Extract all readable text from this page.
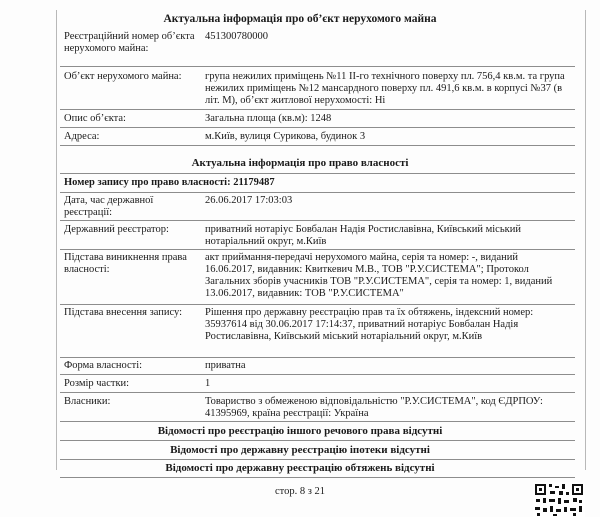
Актуальна інформація про об’єкт нерухомого майна
Реєстраційний номер об’єкта нерухомого майна:
451300780000
Об’єкт нерухомого майна:	група нежилих приміщень №11 II-го технічного поверху пл. 756,4 кв.м. та група нежилих приміщень №12 мансардного поверху пл. 491,6 кв.м. в корпусі №37 (в літ. М), об’єкт житлової нерухомості: Ні
Опис об’єкта:	Загальна площа (кв.м): 1248
Адреса:	м.Київ, вулиця Сурикова, будинок 3
Актуальна інформація про право власності
Номер запису про право власності: 21179487
Дата, час державної реєстрації:
26.06.2017 17:03:03
Державний реєстратор:	приватний нотаріус Бовбалан Надія Ростиславівна, Київський міський нотаріальний округ, м.Київ
Підстава виникнення права власності:
акт приймання-передачі нерухомого майна, серія та номер: -, виданий 16.06.2017, видавник: Квиткевич М.В., ТОВ "Р.У.СИСТЕМА"; Протокол Загальних зборів учасників ТОВ "Р.У.СИСТЕМА", серія та номер: 1, виданий 13.06.2017, видавник: ТОВ "Р.У.СИСТЕМА"
Підстава внесення запису:	Рішення про державну реєстрацію прав та їх обтяжень, індексний номер: 35937614 від 30.06.2017 17:14:37, приватний нотаріус Бовбалан Надія Ростиславівна, Київський міський нотаріальний округ, м.Київ
Форма власності:	приватна
Розмір частки:	1
Власники:	Товариство з обмеженою відповідальністю "Р.У.СИСТЕМА", код ЄДРПОУ: 41395969, країна реєстрації: Україна
Відомості про реєстрацію іншого речового права відсутні
Відомості про державну реєстрацію іпотеки відсутні
Відомості про державну реєстрацію обтяжень відсутні
стор. 8 з 21
